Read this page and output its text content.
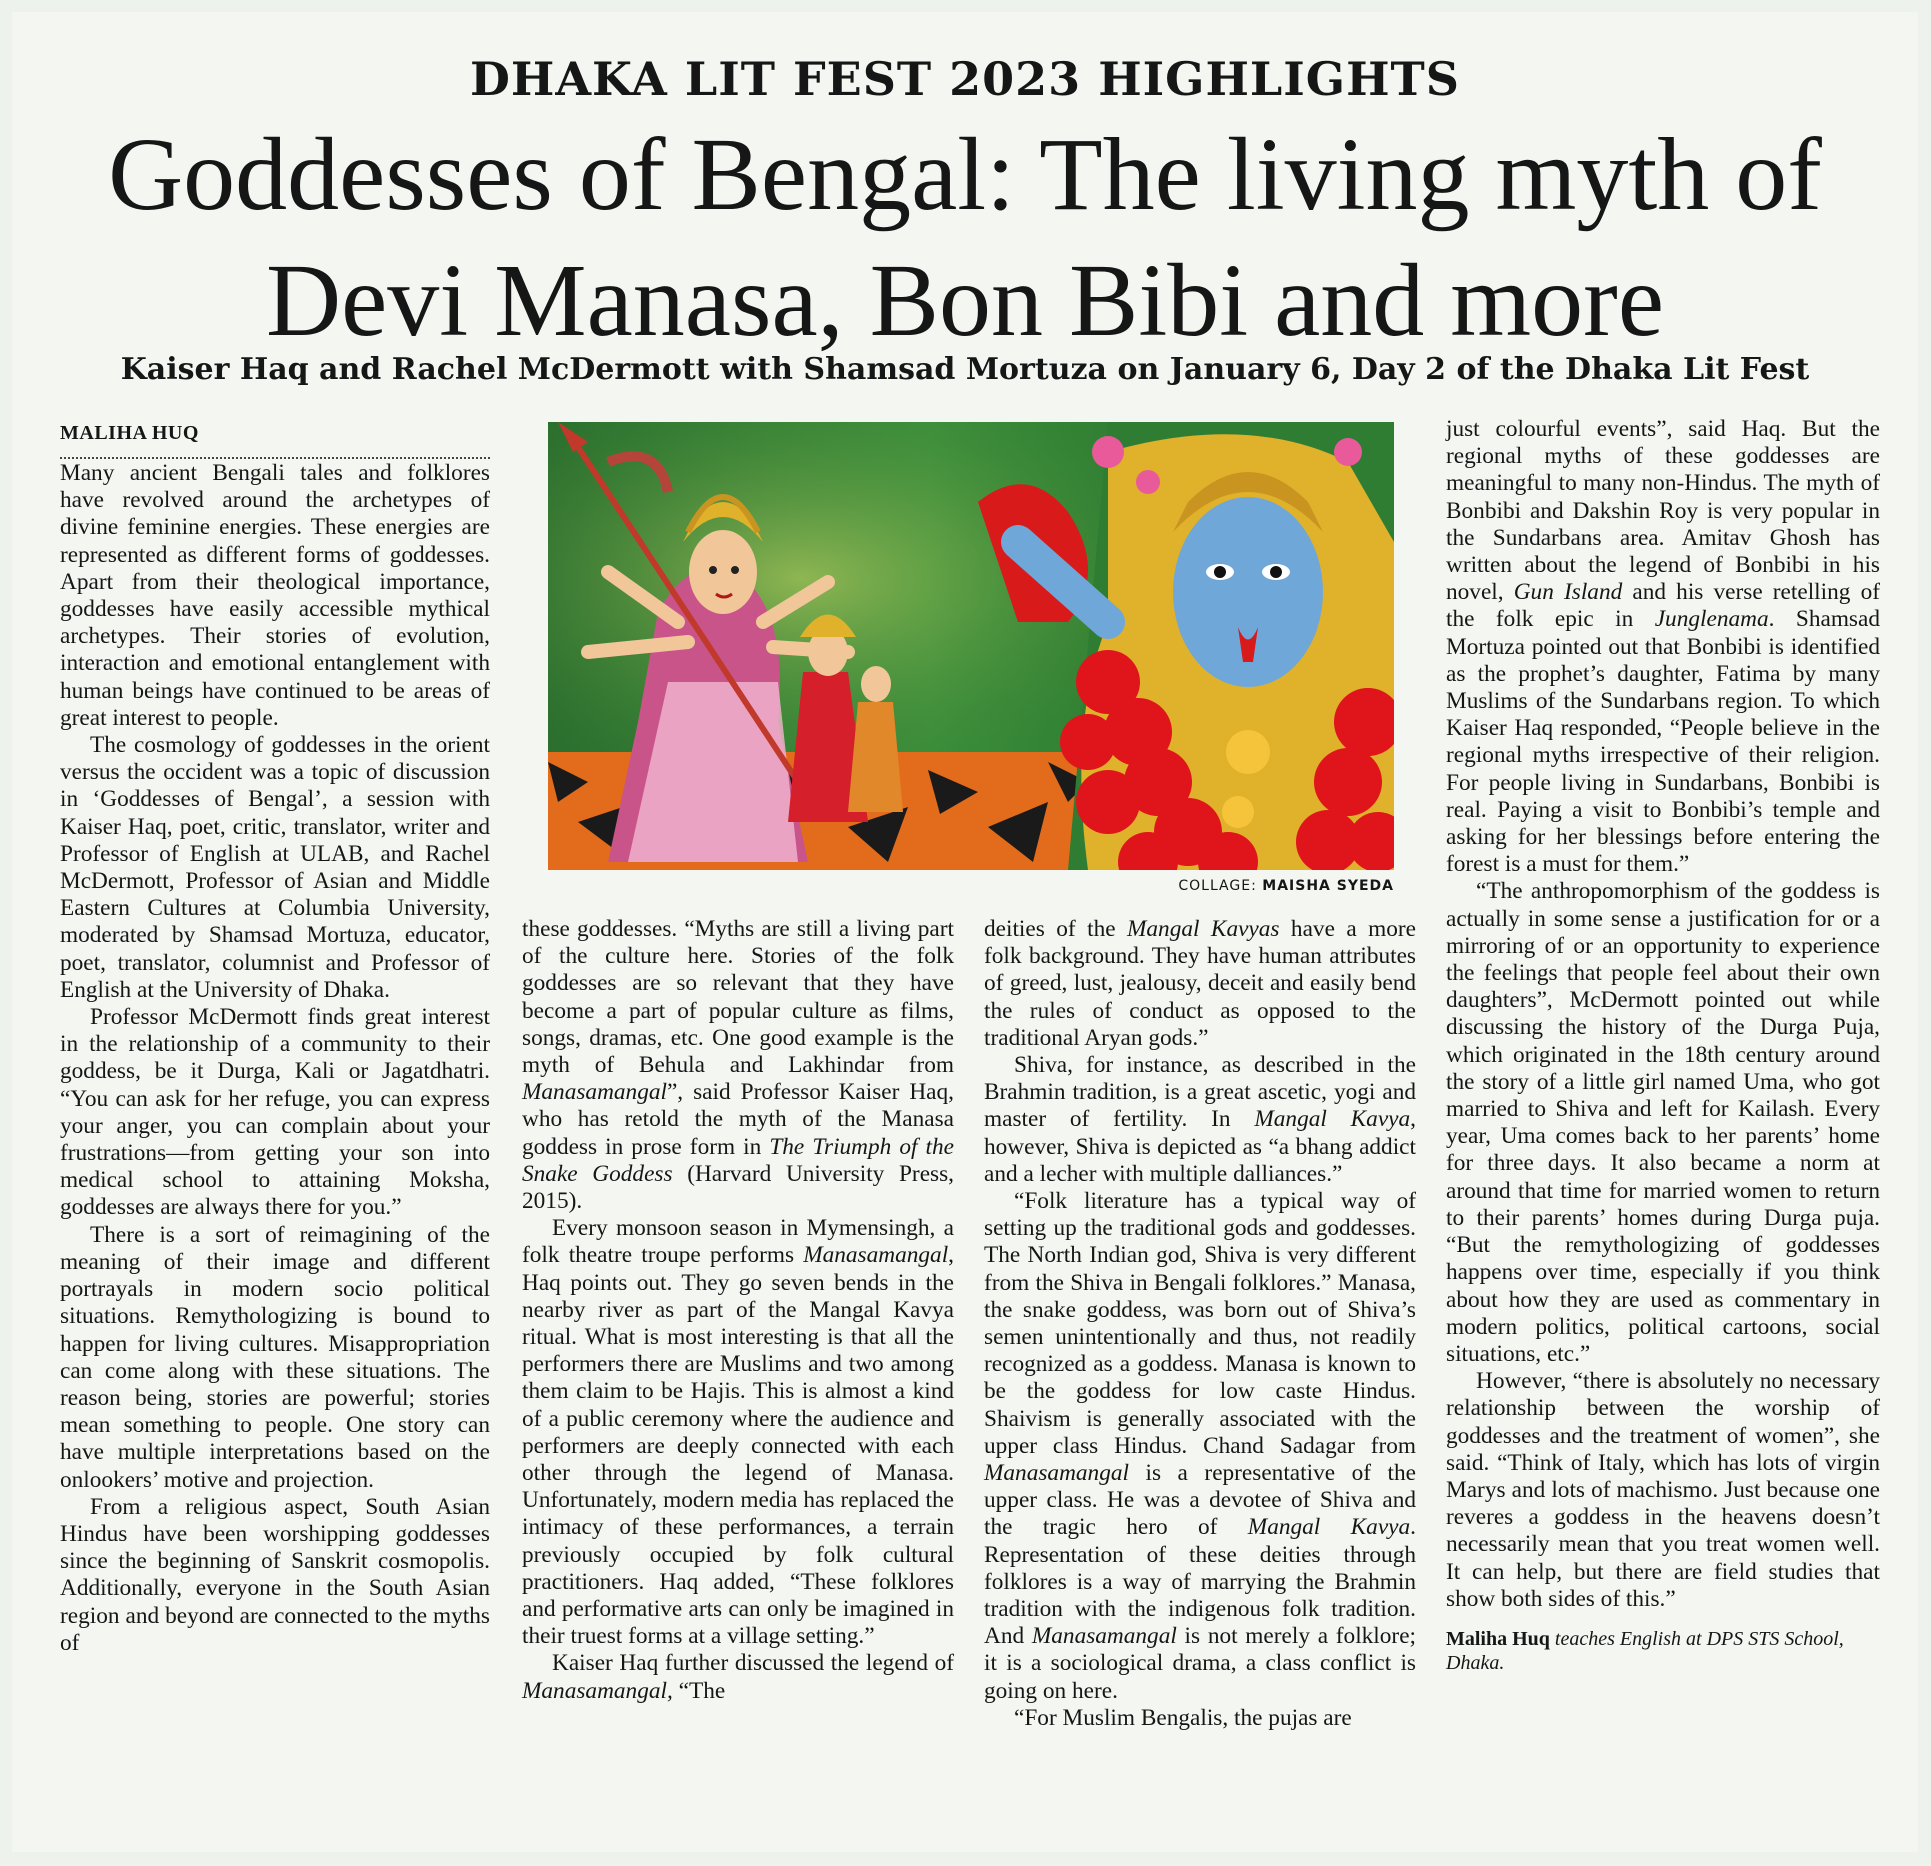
DHAKA LIT FEST 2023 HIGHLIGHTS
Goddesses of Bengal: The living myth of
Devi Manasa, Bon Bibi and more
Kaiser Haq and Rachel McDermott with Shamsad Mortuza on January 6, Day 2 of the Dhaka Lit Fest
MALIHA HUQ

Many ancient Bengali tales and folklores have revolved around the archetypes of divine feminine energies. These energies are represented as different forms of goddesses. Apart from their theological importance, goddesses have easily accessible mythical archetypes. Their stories of evolution, interaction and emotional entanglement with human beings have continued to be areas of great interest to people.

The cosmology of goddesses in the orient versus the occident was a topic of discussion in ‘Goddesses of Bengal’, a session with Kaiser Haq, poet, critic, translator, writer and Professor of English at ULAB, and Rachel McDermott, Professor of Asian and Middle Eastern Cultures at Columbia University, moderated by Shamsad Mortuza, educator, poet, translator, columnist and Professor of English at the University of Dhaka.

Professor McDermott finds great interest in the relationship of a community to their goddess, be it Durga, Kali or Jagatdhatri. “You can ask for her refuge, you can express your anger, you can complain about your frustrations—from getting your son into medical school to attaining Moksha, goddesses are always there for you.”

There is a sort of reimagining of the meaning of their image and different portrayals in modern socio political situations. Remythologizing is bound to happen for living cultures. Misappropriation can come along with these situations. The reason being, stories are powerful; stories mean something to people. One story can have multiple interpretations based on the onlookers’ motive and projection.

From a religious aspect, South Asian Hindus have been worshipping goddesses since the beginning of Sanskrit cosmopolis. Additionally, everyone in the South Asian region and beyond are connected to the myths of

COLLAGE: MAISHA SYEDA

these goddesses. “Myths are still a living part of the culture here. Stories of the folk goddesses are so relevant that they have become a part of popular culture as films, songs, dramas, etc. One good example is the myth of Behula and Lakhindar from Manasamangal”, said Professor Kaiser Haq, who has retold the myth of the Manasa goddess in prose form in The Triumph of the Snake Goddess (Harvard University Press, 2015).

Every monsoon season in Mymensingh, a folk theatre troupe performs Manasamangal, Haq points out. They go seven bends in the nearby river as part of the Mangal Kavya ritual. What is most interesting is that all the performers there are Muslims and two among them claim to be Hajis. This is almost a kind of a public ceremony where the audience and performers are deeply connected with each other through the legend of Manasa. Unfortunately, modern media has replaced the intimacy of these performances, a terrain previously occupied by folk cultural practitioners. Haq added, “These folklores and performative arts can only be imagined in their truest forms at a village setting.”

Kaiser Haq further discussed the legend of Manasamangal, “The

deities of the Mangal Kavyas have a more folk background. They have human attributes of greed, lust, jealousy, deceit and easily bend the rules of conduct as opposed to the traditional Aryan gods.”

Shiva, for instance, as described in the Brahmin tradition, is a great ascetic, yogi and master of fertility. In Mangal Kavya, however, Shiva is depicted as “a bhang addict and a lecher with multiple dalliances.”

“Folk literature has a typical way of setting up the traditional gods and goddesses. The North Indian god, Shiva is very different from the Shiva in Bengali folklores.” Manasa, the snake goddess, was born out of Shiva’s semen unintentionally and thus, not readily recognized as a goddess. Manasa is known to be the goddess for low caste Hindus. Shaivism is generally associated with the upper class Hindus. Chand Sadagar from Manasamangal is a representative of the upper class. He was a devotee of Shiva and the tragic hero of Mangal Kavya. Representation of these deities through folklores is a way of marrying the Brahmin tradition with the indigenous folk tradition. And Manasamangal is not merely a folklore; it is a sociological drama, a class conflict is going on here.

“For Muslim Bengalis, the pujas are

just colourful events”, said Haq. But the regional myths of these goddesses are meaningful to many non-Hindus. The myth of Bonbibi and Dakshin Roy is very popular in the Sundarbans area. Amitav Ghosh has written about the legend of Bonbibi in his novel, Gun Island and his verse retelling of the folk epic in Junglenama. Shamsad Mortuza pointed out that Bonbibi is identified as the prophet’s daughter, Fatima by many Muslims of the Sundarbans region. To which Kaiser Haq responded, “People believe in the regional myths irrespective of their religion. For people living in Sundarbans, Bonbibi is real. Paying a visit to Bonbibi’s temple and asking for her blessings before entering the forest is a must for them.”

“The anthropomorphism of the goddess is actually in some sense a justification for or a mirroring of or an opportunity to experience the feelings that people feel about their own daughters”, McDermott pointed out while discussing the history of the Durga Puja, which originated in the 18th century around the story of a little girl named Uma, who got married to Shiva and left for Kailash. Every year, Uma comes back to her parents’ home for three days. It also became a norm at around that time for married women to return to their parents’ homes during Durga puja. “But the remythologizing of goddesses happens over time, especially if you think about how they are used as commentary in modern politics, political cartoons, social situations, etc.”

However, “there is absolutely no necessary relationship between the worship of goddesses and the treatment of women”, she said. “Think of Italy, which has lots of virgin Marys and lots of machismo. Just because one reveres a goddess in the heavens doesn’t necessarily mean that you treat women well. It can help, but there are field studies that show both sides of this.”

Maliha Huq teaches English at DPS STS School, Dhaka.
